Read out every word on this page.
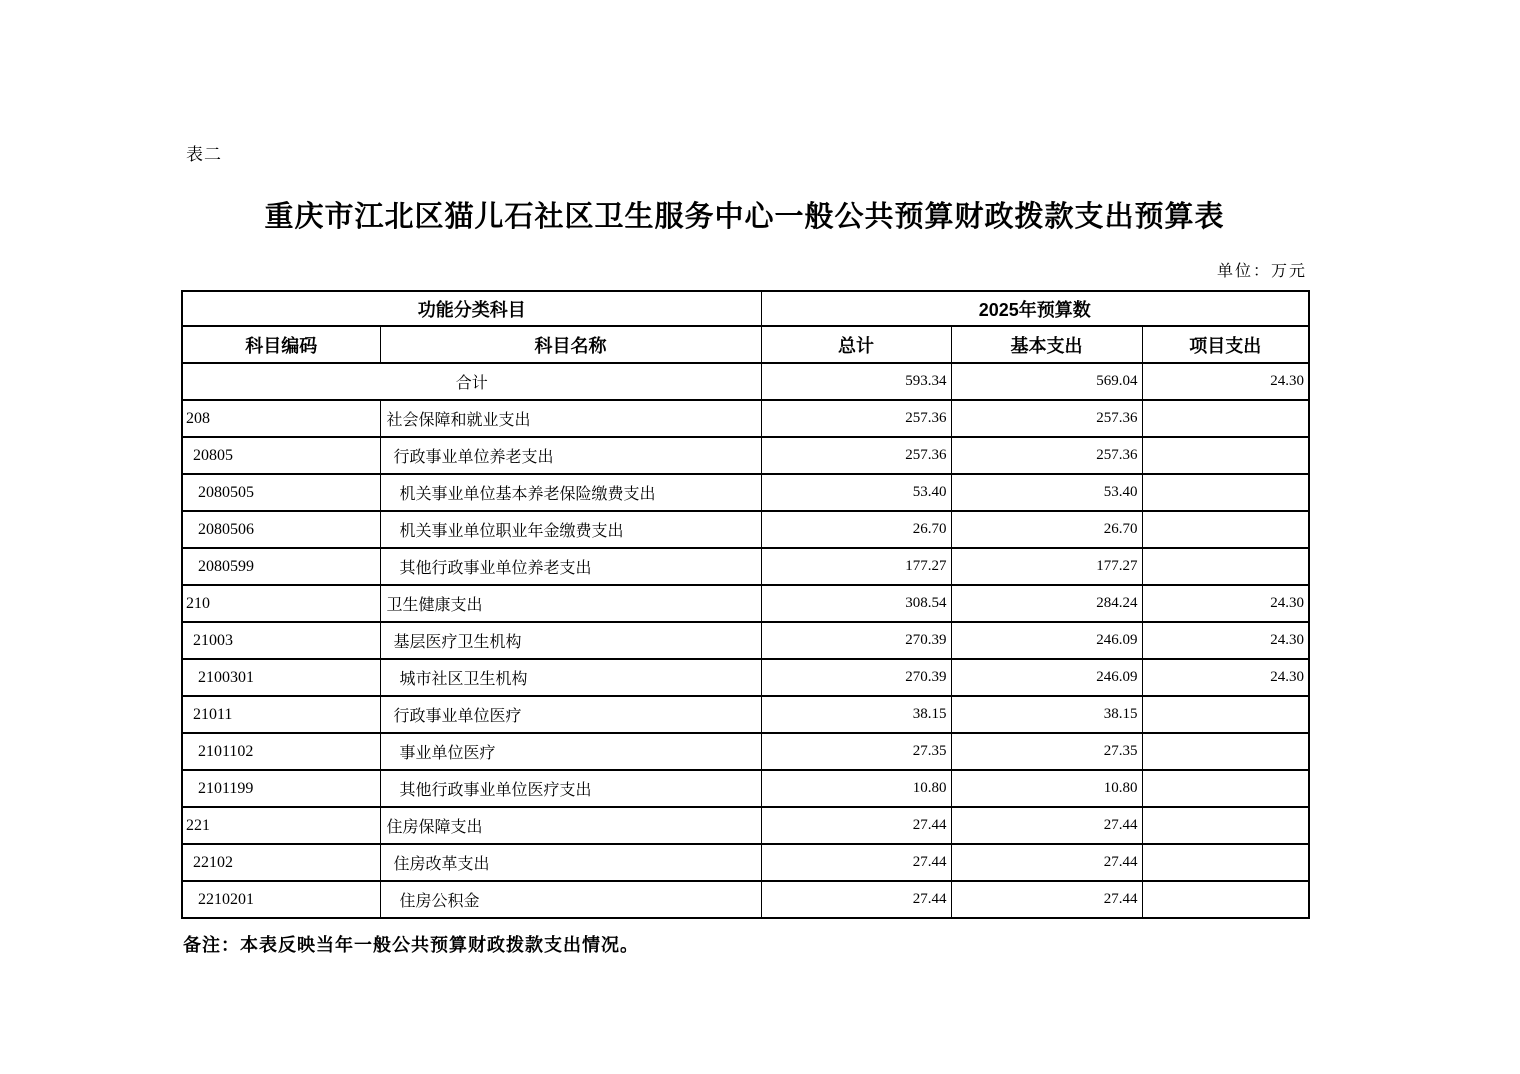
表二
重庆市江北区猫儿石社区卫生服务中心一般公共预算财政拨款支出预算表
单位：万元
功能分类科目		2025年预算数		
科目编码	科目名称	总计	基本支出	项目支出
合计		593.34	569.04	24.30
208	社会保障和就业支出	257.36	257.36	
20805	行政事业单位养老支出	257.36	257.36	
2080505	机关事业单位基本养老保险缴费支出	53.40	53.40	
2080506	机关事业单位职业年金缴费支出	26.70	26.70	
2080599	其他行政事业单位养老支出	177.27	177.27	
210	卫生健康支出	308.54	284.24	24.30
21003	基层医疗卫生机构	270.39	246.09	24.30
2100301	城市社区卫生机构	270.39	246.09	24.30
21011	行政事业单位医疗	38.15	38.15	
2101102	事业单位医疗	27.35	27.35	
2101199	其他行政事业单位医疗支出	10.80	10.80	
221	住房保障支出	27.44	27.44	
22102	住房改革支出	27.44	27.44	
2210201	住房公积金	27.44	27.44	
备注：本表反映当年一般公共预算财政拨款支出情况。
